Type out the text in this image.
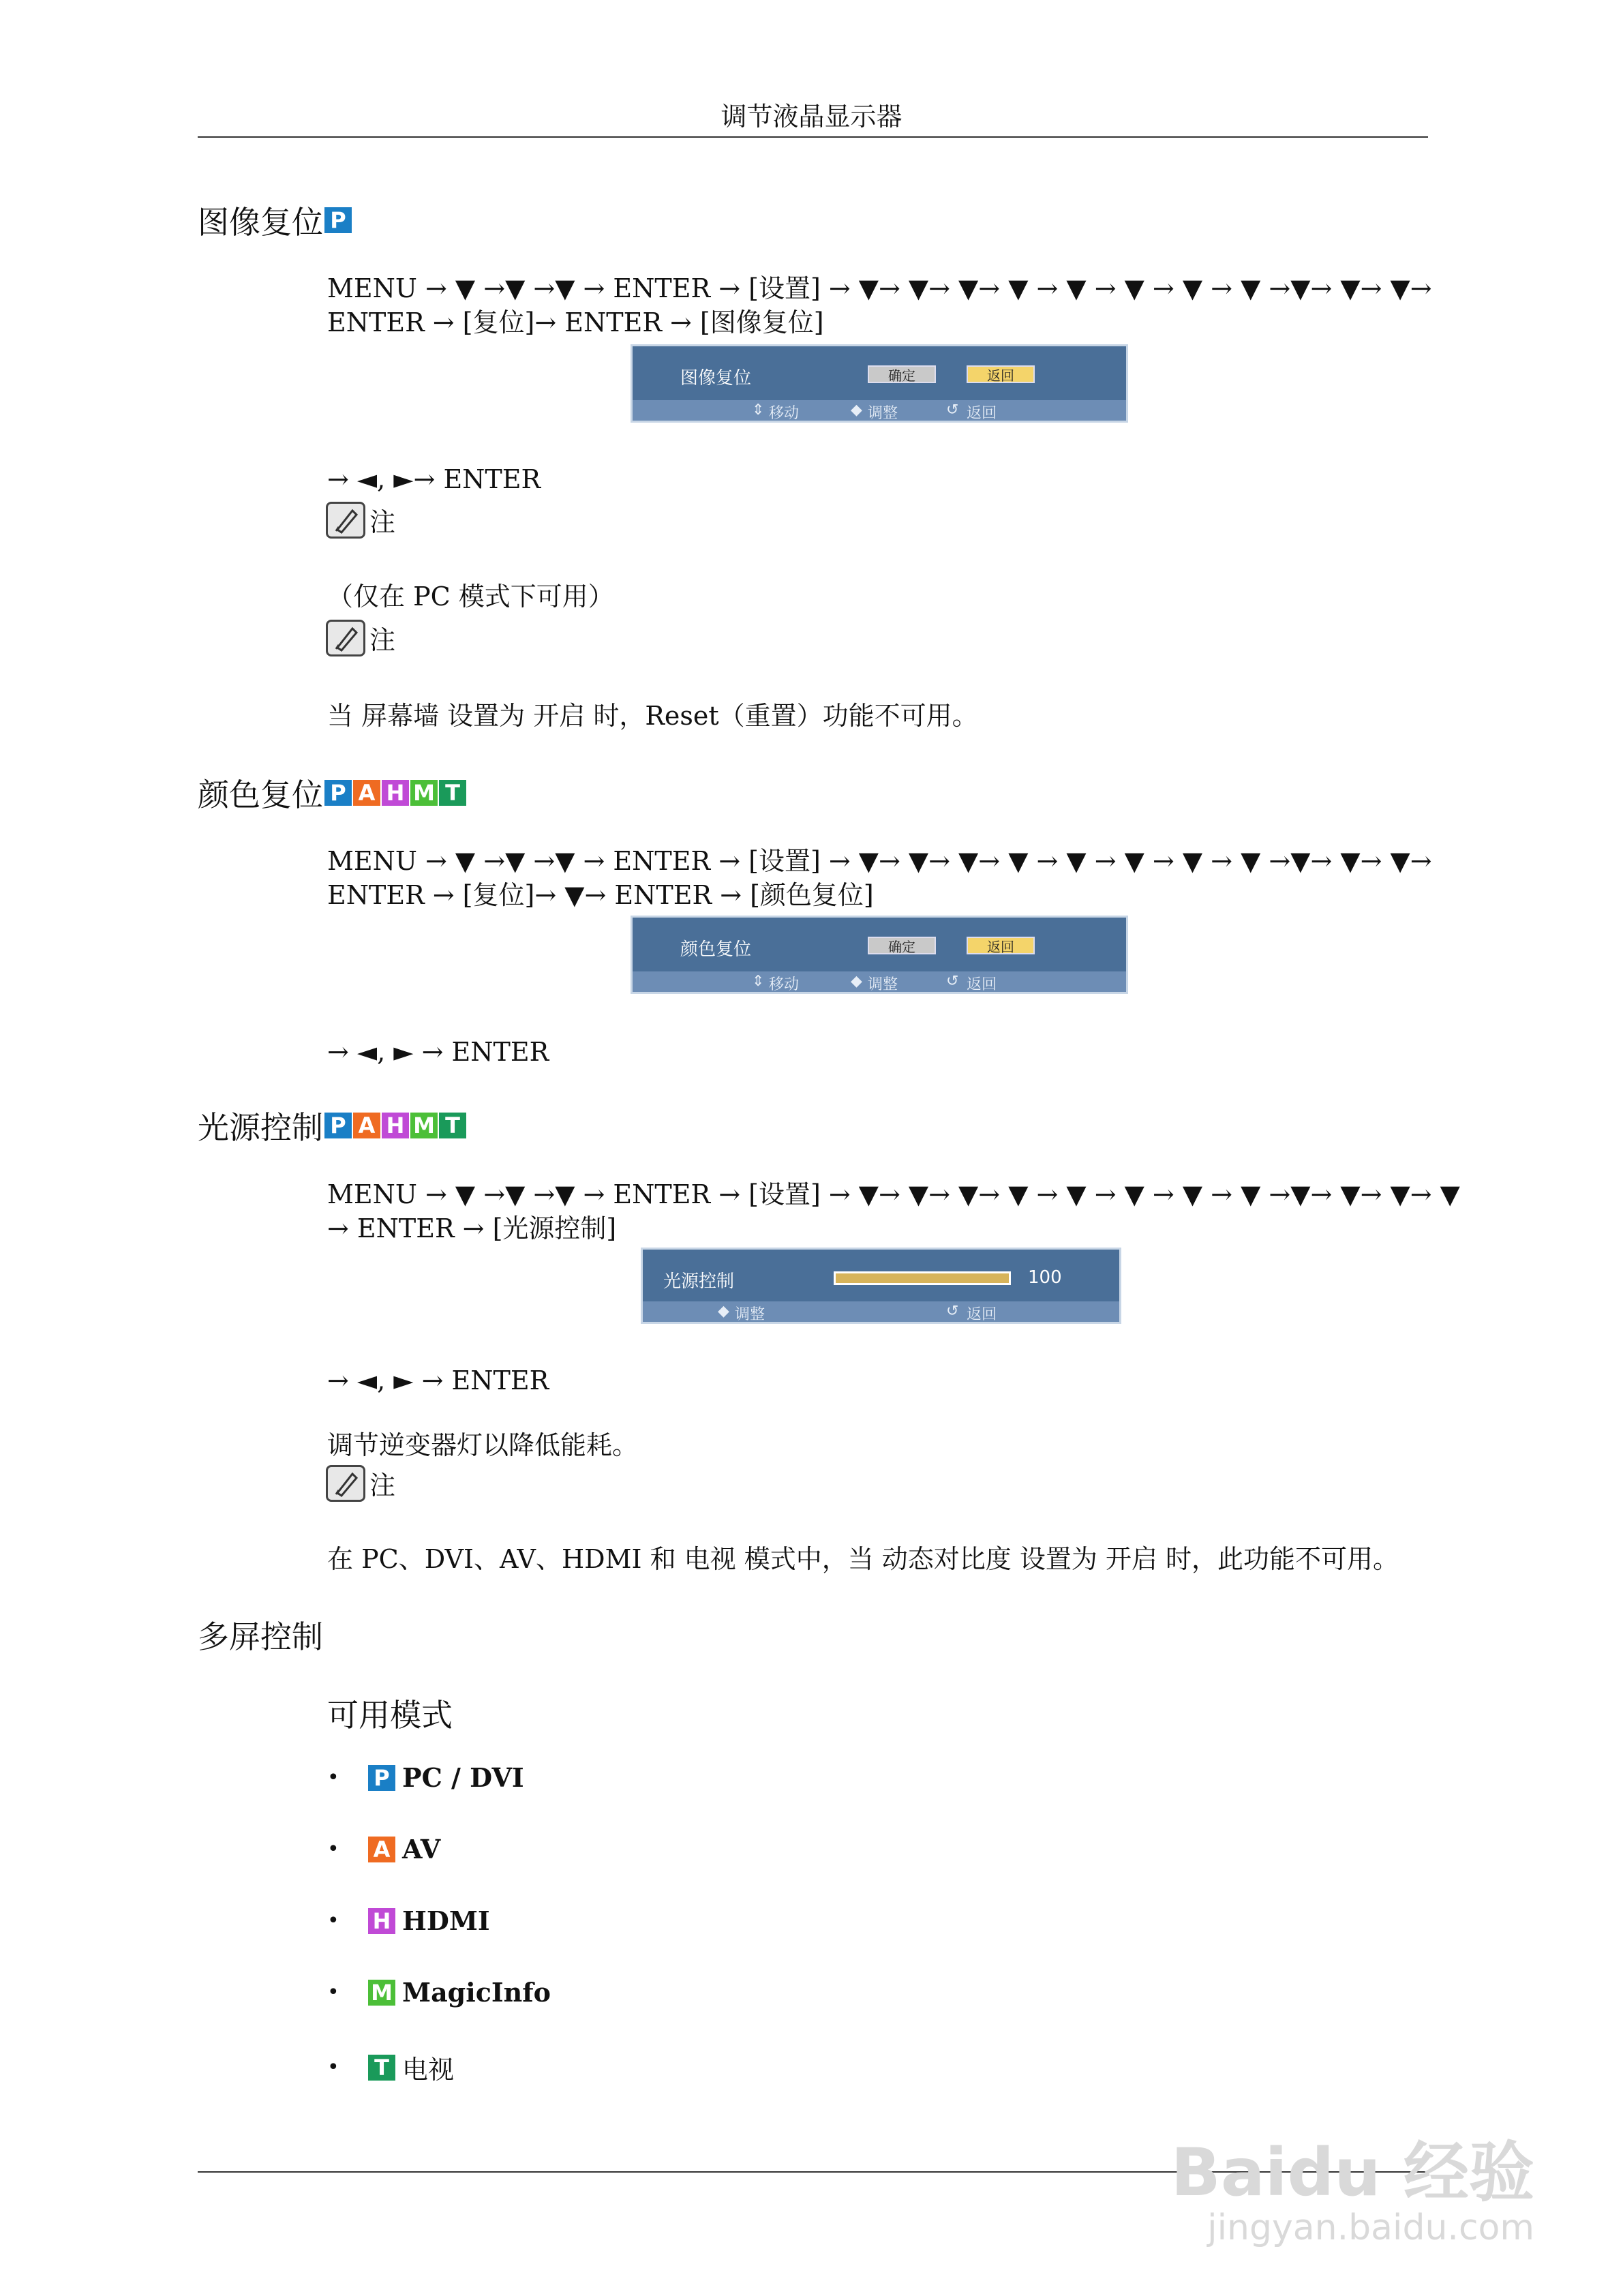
调节液晶显示器
图像复位 P
MENU → ▼ →▼ →▼ → ENTER → [设置] → ▼→ ▼→ ▼→ ▼ → ▼ → ▼ → ▼ → ▼ →▼→ ▼→ ▼→
ENTER → [复位]→ ENTER → [图像复位]
图像复位	确定	返回
⇕ 移动	◆ 调整	↺ 返回
→ ◄, ►→ ENTER
注
（仅在 PC 模式下可用）
注
当 屏幕墙 设置为 开启 时，Reset（重置）功能不可用。
颜色复位 P A H M T
MENU → ▼ →▼ →▼ → ENTER → [设置] → ▼→ ▼→ ▼→ ▼ → ▼ → ▼ → ▼ → ▼ →▼→ ▼→ ▼→
ENTER → [复位]→ ▼→ ENTER → [颜色复位]
颜色复位	确定	返回
⇕ 移动	◆ 调整	↺ 返回
→ ◄, ► → ENTER
光源控制 P A H M T
MENU → ▼ →▼ →▼ → ENTER → [设置] → ▼→ ▼→ ▼→ ▼ → ▼ → ▼ → ▼ → ▼ →▼→ ▼→ ▼→ ▼
→ ENTER → [光源控制]
光源控制	100
◆ 调整	↺ 返回
→ ◄, ► → ENTER
调节逆变器灯以降低能耗。
注
在 PC、DVI、AV、HDMI 和 电视 模式中，当 动态对比度 设置为 开启 时，此功能不可用。
多屏控制
可用模式
•	P PC / DVI
•	A AV
•	H HDMI
•	M MagicInfo
•	T 电视
Baidu 经验
jingyan.baidu.com
